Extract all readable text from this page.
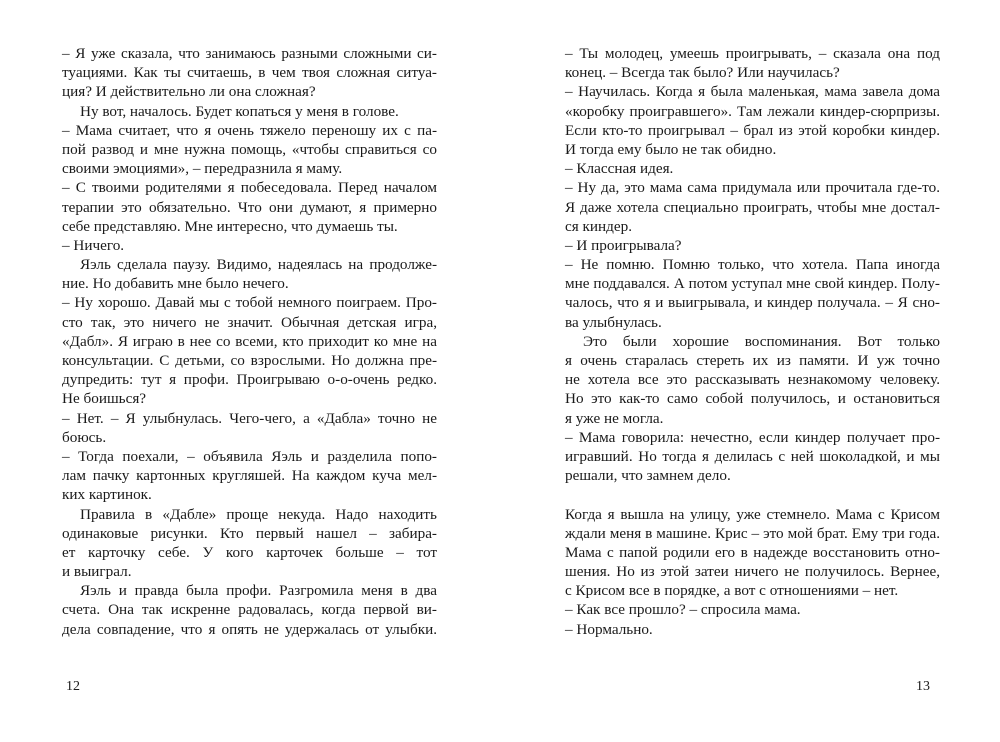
– Я уже сказала, что занимаюсь разными сложными си-
туациями. Как ты считаешь, в чем твоя сложная ситуа-
ция? И действительно ли она сложная?
Ну вот, началось. Будет копаться у меня в голове.
– Мама считает, что я очень тяжело переношу их с па-
пой развод и мне нужна помощь, «чтобы справиться со
своими эмоциями», – передразнила я маму.
– С твоими родителями я побеседовала. Перед началом
терапии это обязательно. Что они думают, я примерно
себе представляю. Мне интересно, что думаешь ты.
– Ничего.
Яэль сделала паузу. Видимо, надеялась на продолже-
ние. Но добавить мне было нечего.
– Ну хорошо. Давай мы с тобой немного поиграем. Про-
сто так, это ничего не значит. Обычная детская игра,
«Дабл». Я играю в нее со всеми, кто приходит ко мне на
консультации. С детьми, со взрослыми. Но должна пре-
дупредить: тут я профи. Проигрываю о-о-очень редко.
Не боишься?
– Нет. – Я улыбнулась. Чего-чего, а «Дабла» точно не
боюсь.
– Тогда поехали, – объявила Яэль и разделила попо-
лам пачку картонных кругляшей. На каждом куча мел-
ких картинок.
Правила в «Дабле» проще некуда. Надо находить
одинаковые рисунки. Кто первый нашел – забира-
ет карточку себе. У кого карточек больше – тот
и выиграл.
Яэль и правда была профи. Разгромила меня в два
счета. Она так искренне радовалась, когда первой ви-
дела совпадение, что я опять не удержалась от улыбки.
– Ты молодец, умеешь проигрывать, – сказала она под
конец. – Всегда так было? Или научилась?
– Научилась. Когда я была маленькая, мама завела дома
«коробку проигравшего». Там лежали киндер-сюрпризы.
Если кто-то проигрывал – брал из этой коробки киндер.
И тогда ему было не так обидно.
– Классная идея.
– Ну да, это мама сама придумала или прочитала где-то.
Я даже хотела специально проиграть, чтобы мне достал-
ся киндер.
– И проигрывала?
– Не помню. Помню только, что хотела. Папа иногда
мне поддавался. А потом уступал мне свой киндер. Полу-
чалось, что я и выигрывала, и киндер получала. – Я сно-
ва улыбнулась.
Это были хорошие воспоминания. Вот только
я очень старалась стереть их из памяти. И уж точно
не хотела все это рассказывать незнакомому человеку.
Но это как-то само собой получилось, и остановиться
я уже не могла.
– Мама говорила: нечестно, если киндер получает про-
игравший. Но тогда я делилась с ней шоколадкой, и мы
решали, что замнем дело.
Когда я вышла на улицу, уже стемнело. Мама с Крисом
ждали меня в машине. Крис – это мой брат. Ему три года.
Мама с папой родили его в надежде восстановить отно-
шения. Но из этой затеи ничего не получилось. Вернее,
с Крисом все в порядке, а вот с отношениями – нет.
– Как все прошло? – спросила мама.
– Нормально.
12	13
